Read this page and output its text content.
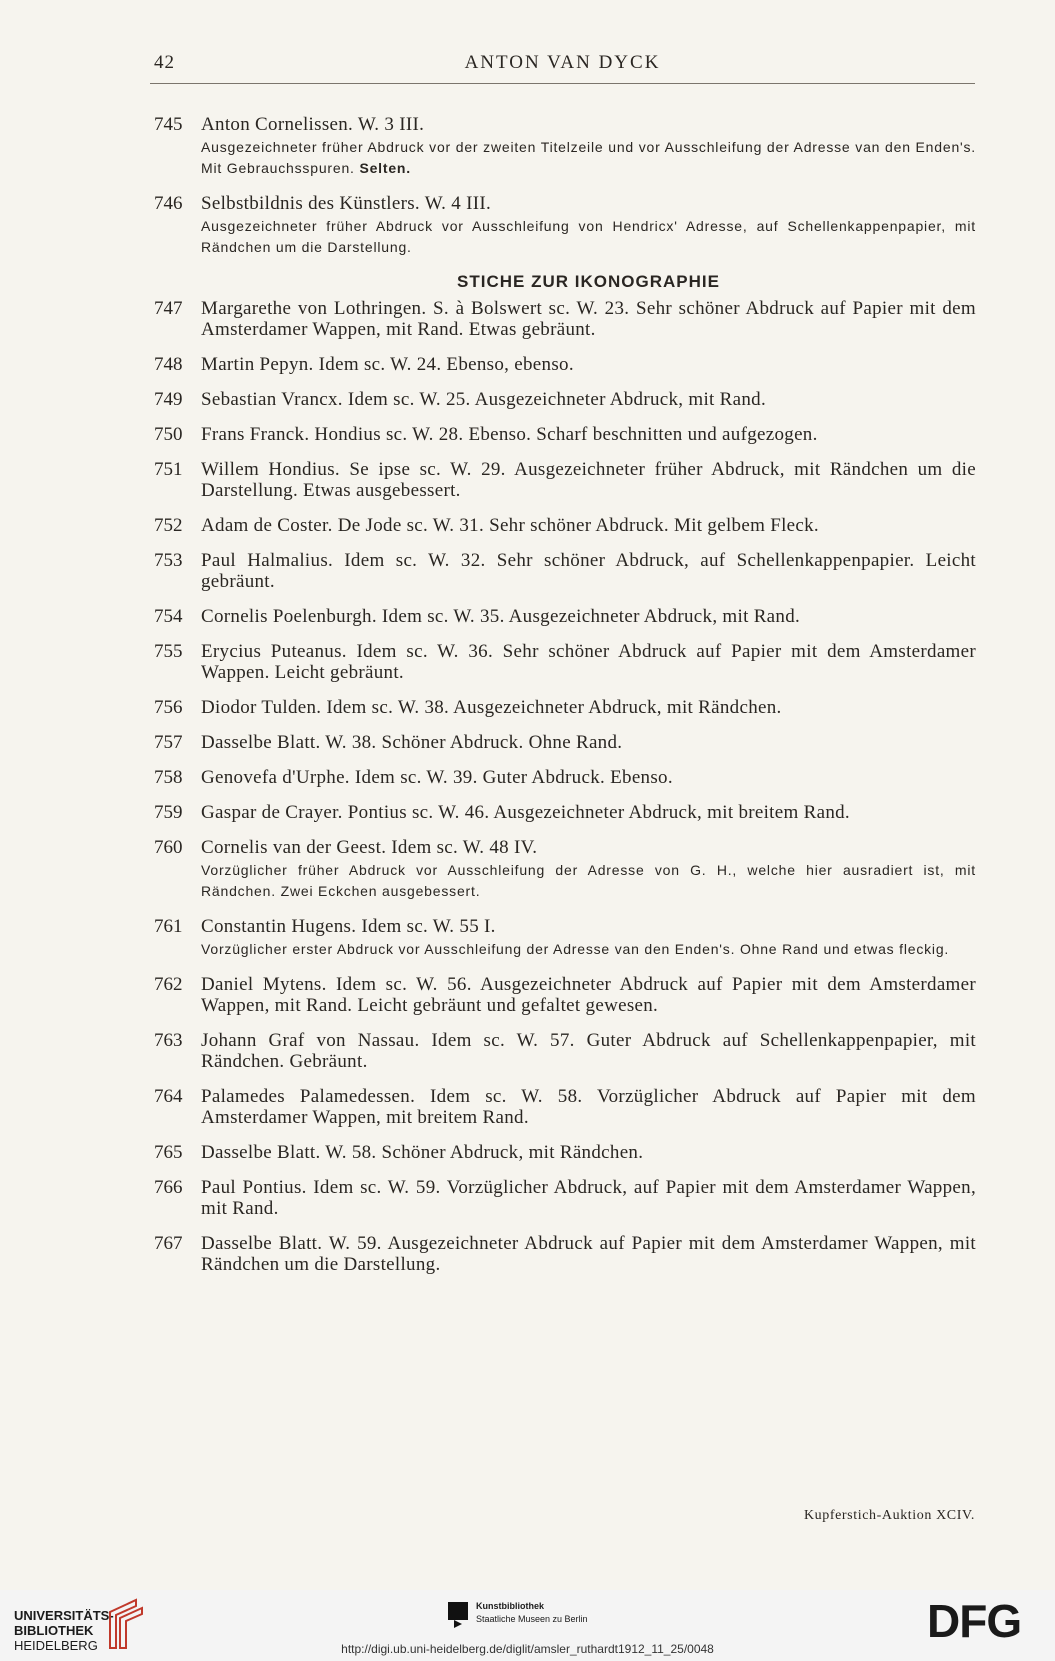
42	ANTON VAN DYCK
745 Anton Cornelissen. W. 3 III.
Ausgezeichneter früher Abdruck vor der zweiten Titelzeile und vor Ausschleifung der Adresse van den Enden's. Mit Gebrauchsspuren. Selten.
746 Selbstbildnis des Künstlers. W. 4 III.
Ausgezeichneter früher Abdruck vor Ausschleifung von Hendricx' Adresse, auf Schellenkappenpapier, mit Rändchen um die Darstellung.
STICHE ZUR IKONOGRAPHIE
747 Margarethe von Lothringen. S. à Bolswert sc. W. 23. Sehr schöner Abdruck auf Papier mit dem Amsterdamer Wappen, mit Rand. Etwas gebräunt.
748 Martin Pepyn. Idem sc. W. 24. Ebenso, ebenso.
749 Sebastian Vrancx. Idem sc. W. 25. Ausgezeichneter Abdruck, mit Rand.
750 Frans Franck. Hondius sc. W. 28. Ebenso. Scharf beschnitten und aufgezogen.
751 Willem Hondius. Se ipse sc. W. 29. Ausgezeichneter früher Abdruck, mit Rändchen um die Darstellung. Etwas ausgebessert.
752 Adam de Coster. De Jode sc. W. 31. Sehr schöner Abdruck. Mit gelbem Fleck.
753 Paul Halmalius. Idem sc. W. 32. Sehr schöner Abdruck, auf Schellenkappenpapier. Leicht gebräunt.
754 Cornelis Poelenburgh. Idem sc. W. 35. Ausgezeichneter Abdruck, mit Rand.
755 Erycius Puteanus. Idem sc. W. 36. Sehr schöner Abdruck auf Papier mit dem Amsterdamer Wappen. Leicht gebräunt.
756 Diodor Tulden. Idem sc. W. 38. Ausgezeichneter Abdruck, mit Rändchen.
757 Dasselbe Blatt. W. 38. Schöner Abdruck. Ohne Rand.
758 Genovefa d'Urphe. Idem sc. W. 39. Guter Abdruck. Ebenso.
759 Gaspar de Crayer. Pontius sc. W. 46. Ausgezeichneter Abdruck, mit breitem Rand.
760 Cornelis van der Geest. Idem sc. W. 48 IV.
Vorzüglicher früher Abdruck vor Ausschleifung der Adresse von G. H., welche hier ausradiert ist, mit Rändchen. Zwei Eckchen ausgebessert.
761 Constantin Hugens. Idem sc. W. 55 I.
Vorzüglicher erster Abdruck vor Ausschleifung der Adresse van den Enden's. Ohne Rand und etwas fleckig.
762 Daniel Mytens. Idem sc. W. 56. Ausgezeichneter Abdruck auf Papier mit dem Amsterdamer Wappen, mit Rand. Leicht gebräunt und gefaltet gewesen.
763 Johann Graf von Nassau. Idem sc. W. 57. Guter Abdruck auf Schellenkappenpapier, mit Rändchen. Gebräunt.
764 Palamedes Palamedessen. Idem sc. W. 58. Vorzüglicher Abdruck auf Papier mit dem Amsterdamer Wappen, mit breitem Rand.
765 Dasselbe Blatt. W. 58. Schöner Abdruck, mit Rändchen.
766 Paul Pontius. Idem sc. W. 59. Vorzüglicher Abdruck, auf Papier mit dem Amsterdamer Wappen, mit Rand.
767 Dasselbe Blatt. W. 59. Ausgezeichneter Abdruck auf Papier mit dem Amsterdamer Wappen, mit Rändchen um die Darstellung.
Kupferstich-Auktion XCIV.
UNIVERSITÄTS-
BIBLIOTHEK
HEIDELBERG
Kunstbibliothek
Staatliche Museen zu Berlin	DFG
http://digi.ub.uni-heidelberg.de/diglit/amsler_ruthardt1912_11_25/0048
